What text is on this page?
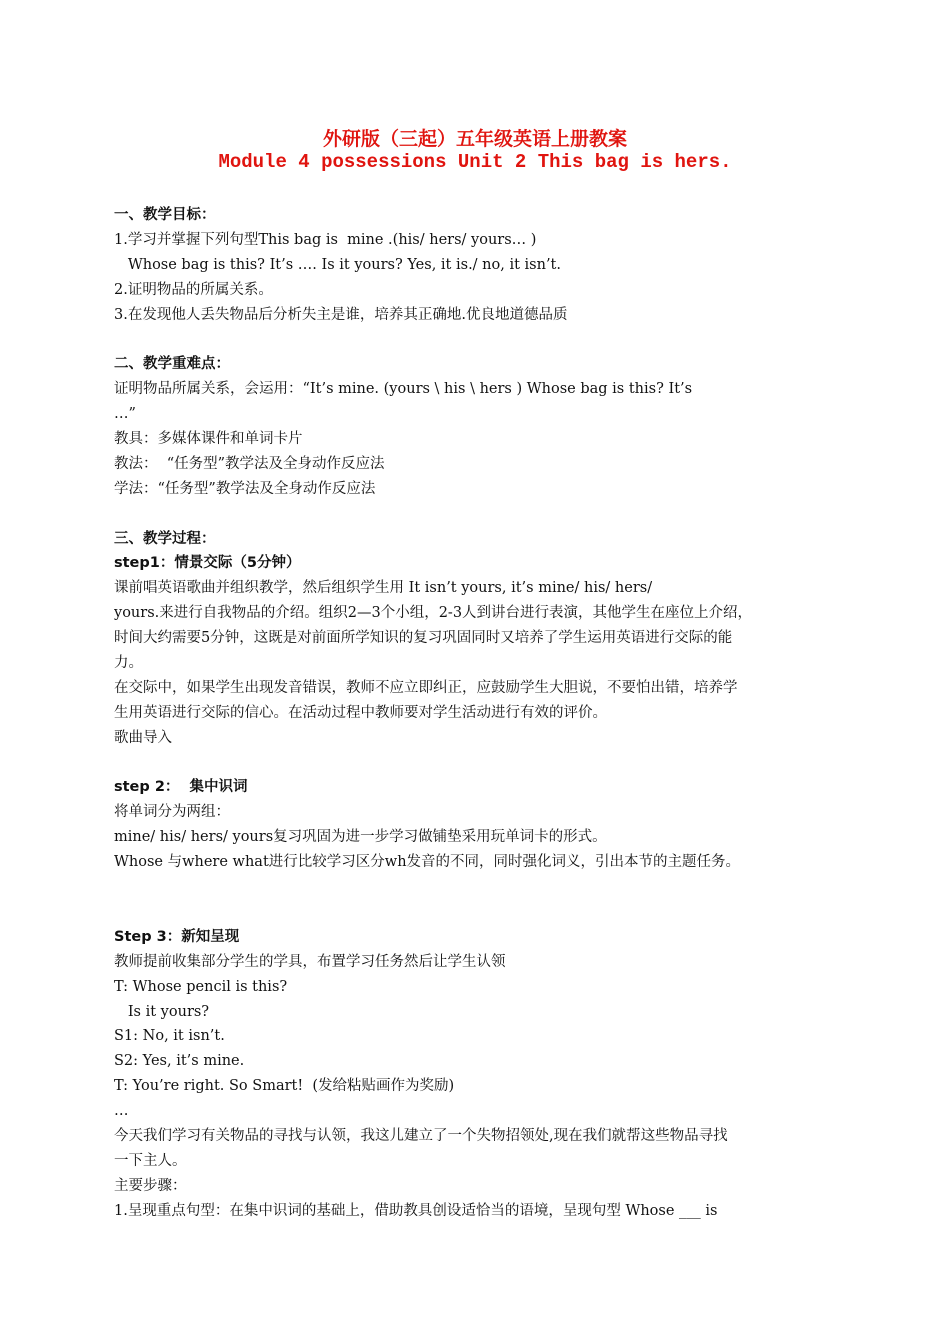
外研版（三起）五年级英语上册教案
Module 4 possessions Unit 2 This bag is hers.
一、教学目标：
1.学习并掌握下列句型This bag is  mine .(his/ hers/ yours… )
Whose bag is this? It’s …. Is it yours? Yes, it is./ no, it isn’t.
2.证明物品的所属关系。
3.在发现他人丢失物品后分析失主是谁，培养其正确地.优良地道德品质
二、教学重难点：
证明物品所属关系，会运用：“It’s mine. (yours \ his \ hers ) Whose bag is this? It’s
…”
教具：多媒体课件和单词卡片
教法：  “任务型”教学法及全身动作反应法
学法：“任务型”教学法及全身动作反应法
三、教学过程：
step1：情景交际（5分钟）
课前唱英语歌曲并组织教学，然后组织学生用 It isn’t yours, it’s mine/ his/ hers/
yours.来进行自我物品的介绍。组织2—3个小组，2-3人到讲台进行表演，其他学生在座位上介绍，
时间大约需要5分钟，这既是对前面所学知识的复习巩固同时又培养了学生运用英语进行交际的能
力。
在交际中，如果学生出现发音错误，教师不应立即纠正，应鼓励学生大胆说，不要怕出错，培养学
生用英语进行交际的信心。在活动过程中教师要对学生活动进行有效的评价。
歌曲导入
step 2：  集中识词
将单词分为两组：
mine/ his/ hers/ yours复习巩固为进一步学习做铺垫采用玩单词卡的形式。
Whose 与where what进行比较学习区分wh发音的不同，同时强化词义，引出本节的主题任务。
Step 3：新知呈现
教师提前收集部分学生的学具，布置学习任务然后让学生认领
T: Whose pencil is this?
Is it yours?
S1: No, it isn’t.
S2: Yes, it’s mine.
T: You’re right. So Smart!  (发给粘贴画作为奖励)
…
今天我们学习有关物品的寻找与认领，我这儿建立了一个失物招领处,现在我们就帮这些物品寻找
一下主人。
主要步骤：
1.呈现重点句型：在集中识词的基础上，借助教具创设适恰当的语境，呈现句型 Whose ___ is
